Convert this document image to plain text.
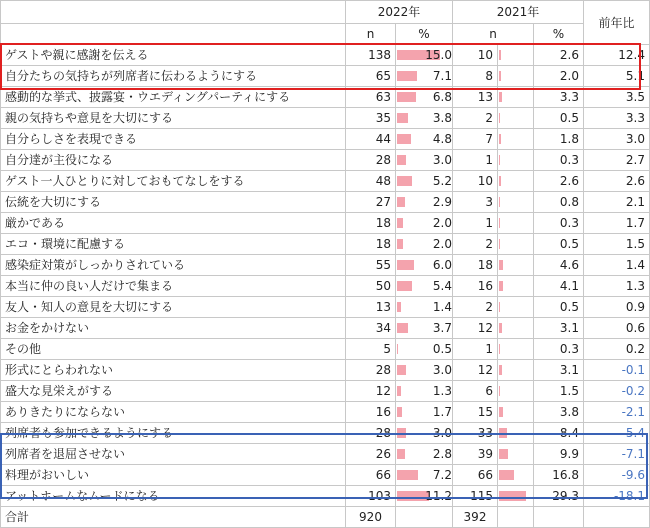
	2022年		2021年			前年比
	n	%	n		%	
ゲストや親に感謝を伝える	138	15.0	10		2.6	12.4
自分たちの気持ちが列席者に伝わるようにする	65	7.1	8		2.0	5.1
感動的な挙式、披露宴・ウエディングパーティにする	63	6.8	13		3.3	3.5
親の気持ちや意見を大切にする	35	3.8	2		0.5	3.3
自分らしさを表現できる	44	4.8	7		1.8	3.0
自分達が主役になる	28	3.0	1		0.3	2.7
ゲスト一人ひとりに対しておもてなしをする	48	5.2	10		2.6	2.6
伝統を大切にする	27	2.9	3		0.8	2.1
厳かである	18	2.0	1		0.3	1.7
エコ・環境に配慮する	18	2.0	2		0.5	1.5
感染症対策がしっかりされている	55	6.0	18		4.6	1.4
本当に仲の良い人だけで集まる	50	5.4	16		4.1	1.3
友人・知人の意見を大切にする	13	1.4	2		0.5	0.9
お金をかけない	34	3.7	12		3.1	0.6
その他	5	0.5	1		0.3	0.2
形式にとらわれない	28	3.0	12		3.1	-0.1
盛大な見栄えがする	12	1.3	6		1.5	-0.2
ありきたりにならない	16	1.7	15		3.8	-2.1
列席者も参加できるようにする	28	3.0	33		8.4	-5.4
列席者を退屈させない	26	2.8	39		9.9	-7.1
料理がおいしい	66	7.2	66		16.8	-9.6
アットホームなムードになる	103	11.2	115		29.3	-18.1
合計	920		392			
